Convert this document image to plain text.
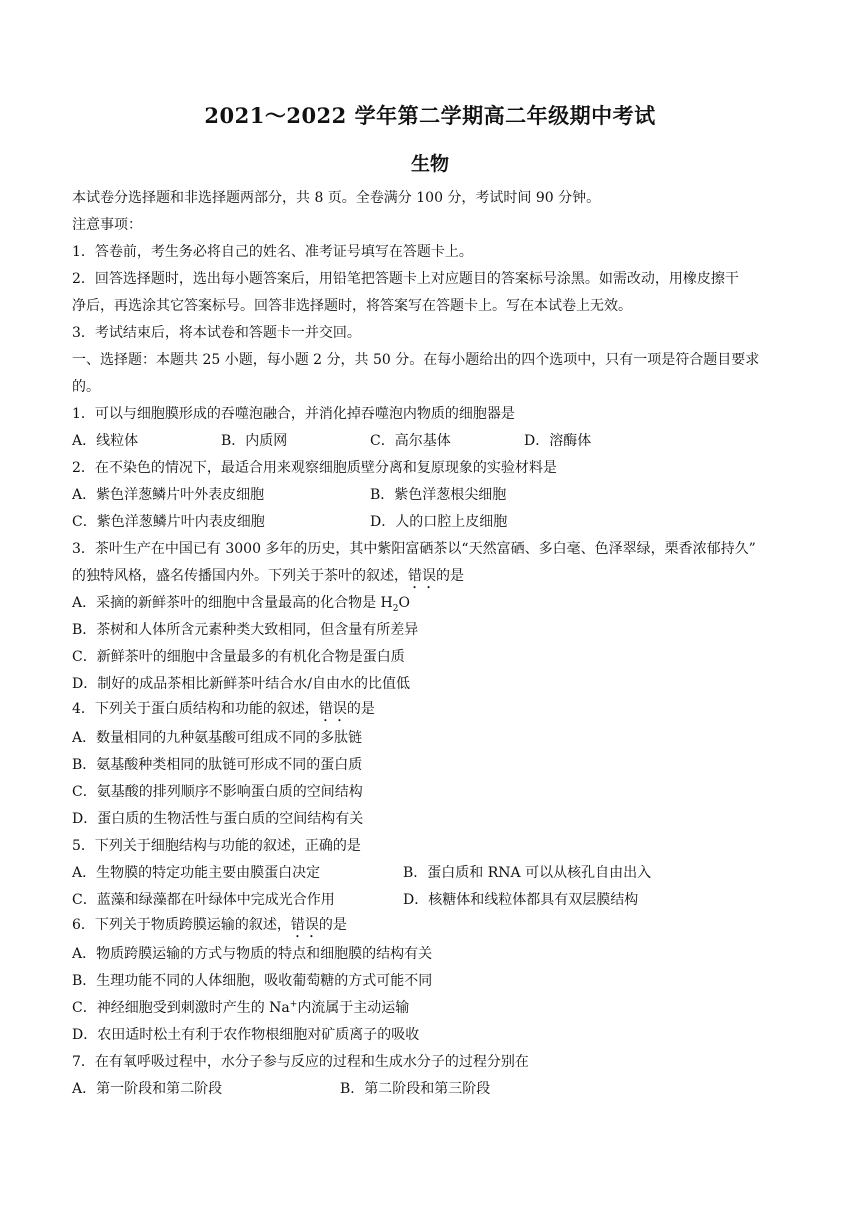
2021～2022 学年第二学期高二年级期中考试
生物
本试卷分选择题和非选择题两部分，共 8 页。全卷满分 100 分，考试时间 90 分钟。
注意事项：
1．答卷前，考生务必将自己的姓名、准考证号填写在答题卡上。
2．回答选择题时，选出每小题答案后，用铅笔把答题卡上对应题目的答案标号涂黑。如需改动，用橡皮擦干
净后，再选涂其它答案标号。回答非选择题时，将答案写在答题卡上。写在本试卷上无效。
3．考试结束后，将本试卷和答题卡一并交回。
一、选择题：本题共 25 小题，每小题 2 分，共 50 分。在每小题给出的四个选项中，只有一项是符合题目要求
的。
1．可以与细胞膜形成的吞噬泡融合，并消化掉吞噬泡内物质的细胞器是
A．线粒体	B．内质网	C．高尔基体	D．溶酶体
2．在不染色的情况下，最适合用来观察细胞质壁分离和复原现象的实验材料是
A．紫色洋葱鳞片叶外表皮细胞	B．紫色洋葱根尖细胞
C．紫色洋葱鳞片叶内表皮细胞	D．人的口腔上皮细胞
3．茶叶生产在中国已有 3000 多年的历史，其中紫阳富硒茶以“天然富硒、多白毫、色泽翠绿，栗香浓郁持久”
的独特风格，盛名传播国内外。下列关于茶叶的叙述，错误的是
A．采摘的新鲜茶叶的细胞中含量最高的化合物是 $H_2O$
B．茶树和人体所含元素种类大致相同，但含量有所差异
C．新鲜茶叶的细胞中含量最多的有机化合物是蛋白质
D．制好的成品茶相比新鲜茶叶结合水/自由水的比值低
4．下列关于蛋白质结构和功能的叙述，错误的是
A．数量相同的九种氨基酸可组成不同的多肽链
B．氨基酸种类相同的肽链可形成不同的蛋白质
C．氨基酸的排列顺序不影响蛋白质的空间结构
D．蛋白质的生物活性与蛋白质的空间结构有关
5．下列关于细胞结构与功能的叙述，正确的是
A．生物膜的特定功能主要由膜蛋白决定	B．蛋白质和 RNA 可以从核孔自由出入
C．蓝藻和绿藻都在叶绿体中完成光合作用	D．核糖体和线粒体都具有双层膜结构
6．下列关于物质跨膜运输的叙述，错误的是
A．物质跨膜运输的方式与物质的特点和细胞膜的结构有关
B．生理功能不同的人体细胞，吸收葡萄糖的方式可能不同
C．神经细胞受到刺激时产生的 Na+内流属于主动运输
D．农田适时松土有利于农作物根细胞对矿质离子的吸收
7．在有氧呼吸过程中，水分子参与反应的过程和生成水分子的过程分别在
A．第一阶段和第二阶段	B．第二阶段和第三阶段
